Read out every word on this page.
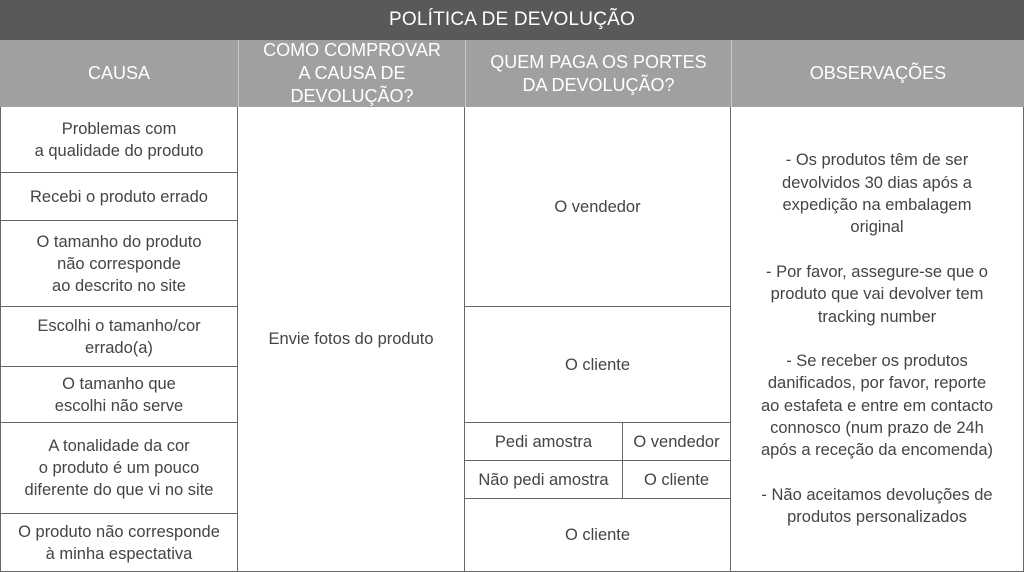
POLÍTICA DE DEVOLUÇÃO
CAUSA
COMO COMPROVAR
A CAUSA DE DEVOLUÇÃO?
QUEM PAGA OS PORTES
DA DEVOLUÇÃO?
OBSERVAÇÕES
Problemas com
a qualidade do produto
Recebi o produto errado
O tamanho do produto
não corresponde
ao descrito no site
Escolhi o tamanho/cor
errado(a)
O tamanho que
escolhi não serve
A tonalidade da cor
o produto é um pouco
diferente do que vi no site
O produto não corresponde
à minha espectativa
Envie fotos do produto
O vendedor
O cliente
Pedi amostra	O vendedor
Não pedi amostra	O cliente
O cliente
- Os produtos têm de ser
devolvidos 30 dias após a
expedição na embalagem
original

- Por favor, assegure-se que o
produto que vai devolver tem
tracking number

- Se receber os produtos
danificados, por favor, reporte
ao estafeta e entre em contacto
connosco (num prazo de 24h
após a receção da encomenda)

- Não aceitamos devoluções de
produtos personalizados
